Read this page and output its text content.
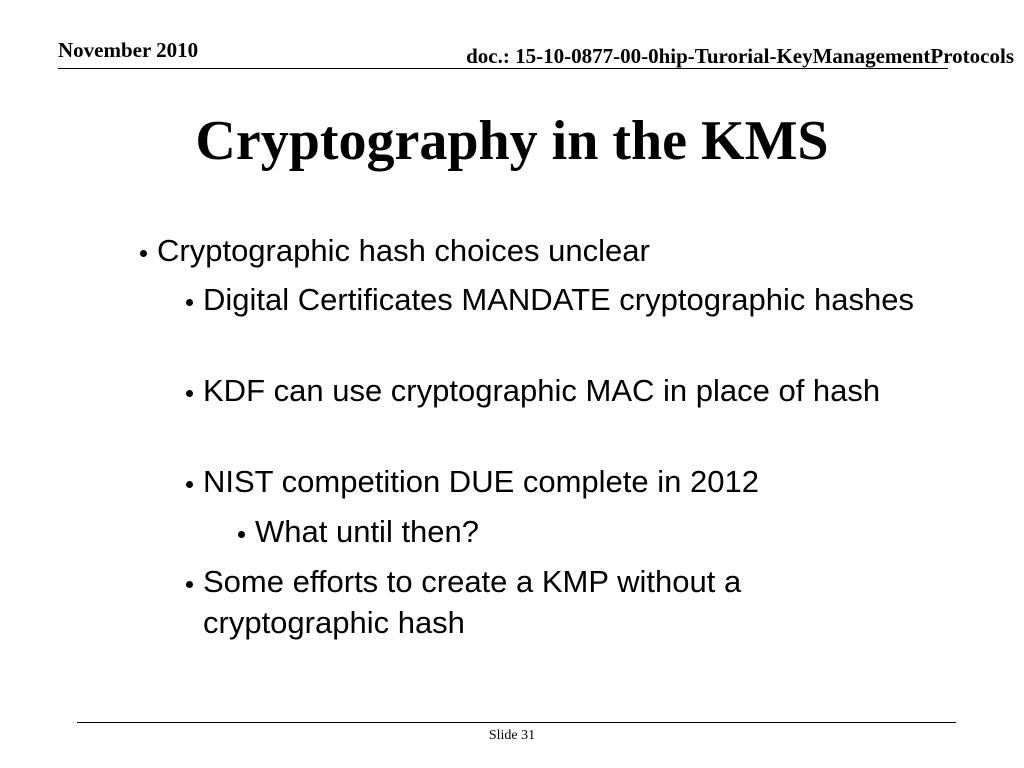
November 2010	doc.: 15-10-0877-00-0hip-Turorial-KeyManagementProtocols
Cryptography in the KMS
Cryptographic hash choices unclear
Digital Certificates MANDATE cryptographic hashes
KDF can use cryptographic MAC in place of hash
NIST competition DUE complete in 2012
What until then?
Some efforts to create a KMP without a cryptographic hash
Slide 31
